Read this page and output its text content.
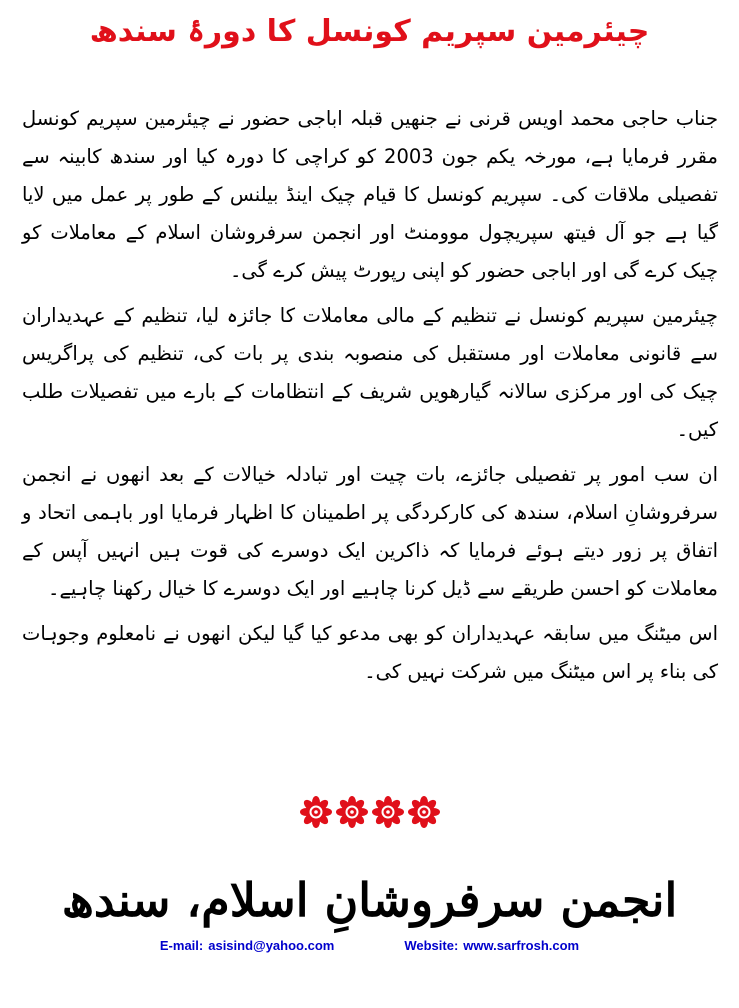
چیئرمین سپریم کونسل کا دورۂ سندھ

جناب حاجی محمد اویس قرنی نے جنھیں قبلہ اباجی حضور نے چیئرمین سپریم کونسل مقرر فرمایا ہے، مورخہ یکم جون 2003 کو کراچی کا دورہ کیا اور سندھ کابینہ سے تفصیلی ملاقات کی۔ سپریم کونسل کا قیام چیک اینڈ بیلنس کے طور پر عمل میں لایا گیا ہے جو آل فیتھ سپریچول موومنٹ اور انجمن سرفروشان اسلام کے معاملات کو چیک کرے گی اور اباجی حضور کو اپنی رپورٹ پیش کرے گی۔

چیئرمین سپریم کونسل نے تنظیم کے مالی معاملات کا جائزہ لیا، تنظیم کے عہدیداران سے قانونی معاملات اور مستقبل کی منصوبہ بندی پر بات کی، تنظیم کی پراگریس چیک کی اور مرکزی سالانہ گیارھویں شریف کے انتظامات کے بارے میں تفصیلات طلب کیں۔

ان سب امور پر تفصیلی جائزے، بات چیت اور تبادلہ خیالات کے بعد انھوں نے انجمن سرفروشانِ اسلام، سندھ کی کارکردگی پر اطمینان کا اظہار فرمایا اور باہمی اتحاد و اتفاق پر زور دیتے ہوئے فرمایا کہ ذاکرین ایک دوسرے کی قوت ہیں انہیں آپس کے معاملات کو احسن طریقے سے ڈیل کرنا چاہیے اور ایک دوسرے کا خیال رکھنا چاہیے۔

اس میٹنگ میں سابقہ عہدیداران کو بھی مدعو کیا گیا لیکن انھوں نے نامعلوم وجوہات کی بناء پر اس میٹنگ میں شرکت نہیں کی۔

انجمن سرفروشانِ اسلام، سندھ
E-mail: asisind@yahoo.com	Website: www.sarfrosh.com
